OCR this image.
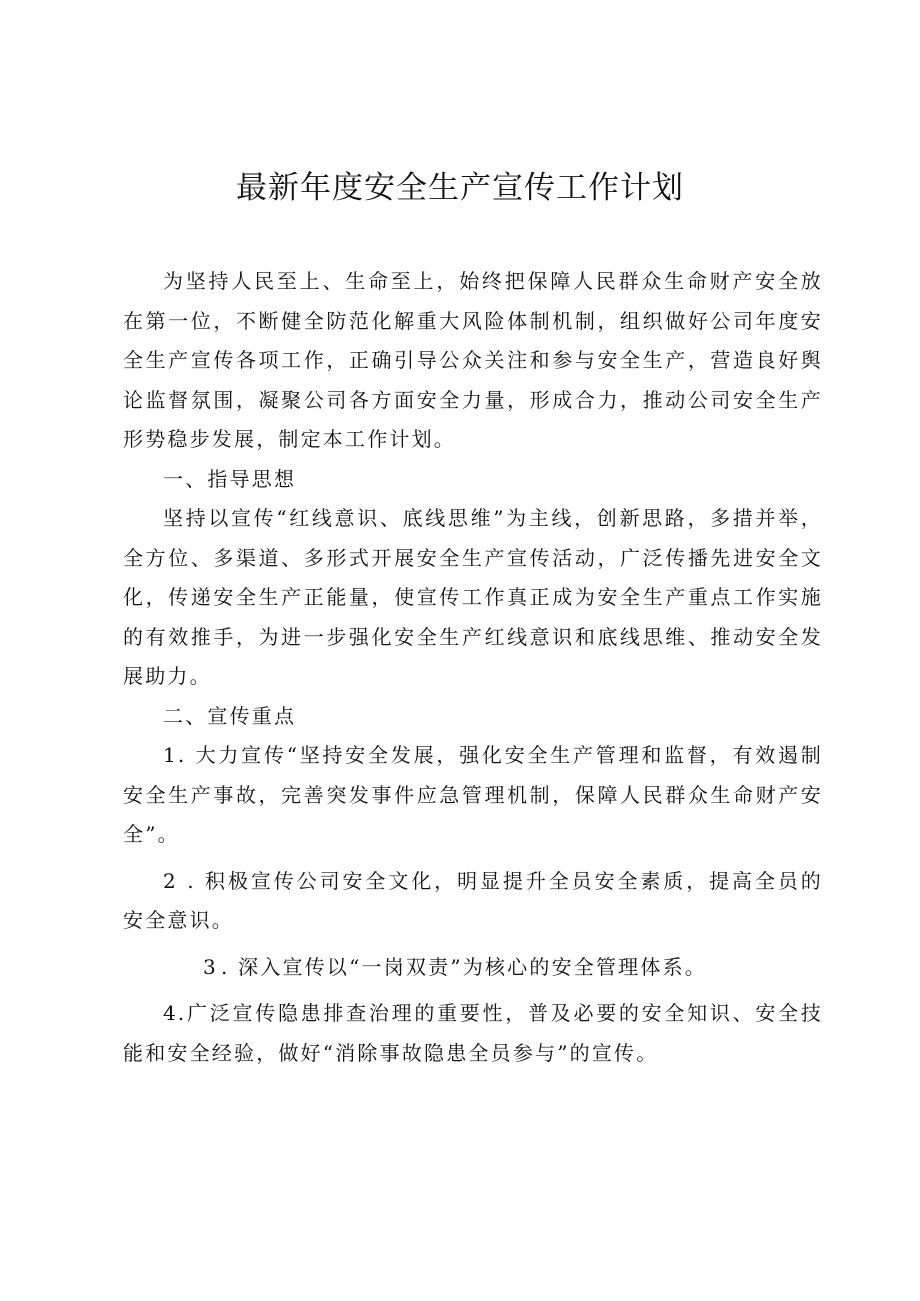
最新年度安全生产宣传工作计划

为坚持人民至上、生命至上，始终把保障人民群众生命财产安全放在第一位，不断健全防范化解重大风险体制机制，组织做好公司年度安全生产宣传各项工作，正确引导公众关注和参与安全生产，营造良好舆论监督氛围，凝聚公司各方面安全力量，形成合力，推动公司安全生产形势稳步发展，制定本工作计划。

一、指导思想

坚持以宣传“红线意识、底线思维”为主线，创新思路，多措并举，全方位、多渠道、多形式开展安全生产宣传活动，广泛传播先进安全文化，传递安全生产正能量，使宣传工作真正成为安全生产重点工作实施的有效推手，为进一步强化安全生产红线意识和底线思维、推动安全发展助力。

二、宣传重点

1. 大力宣传“坚持安全发展，强化安全生产管理和监督，有效遏制安全生产事故，完善突发事件应急管理机制，保障人民群众生命财产安全”。

2 . 积极宣传公司安全文化，明显提升全员安全素质，提高全员的安全意识。

3 . 深入宣传以“一岗双责”为核心的安全管理体系。

4.广泛宣传隐患排查治理的重要性，普及必要的安全知识、安全技能和安全经验，做好“消除事故隐患全员参与”的宣传。
